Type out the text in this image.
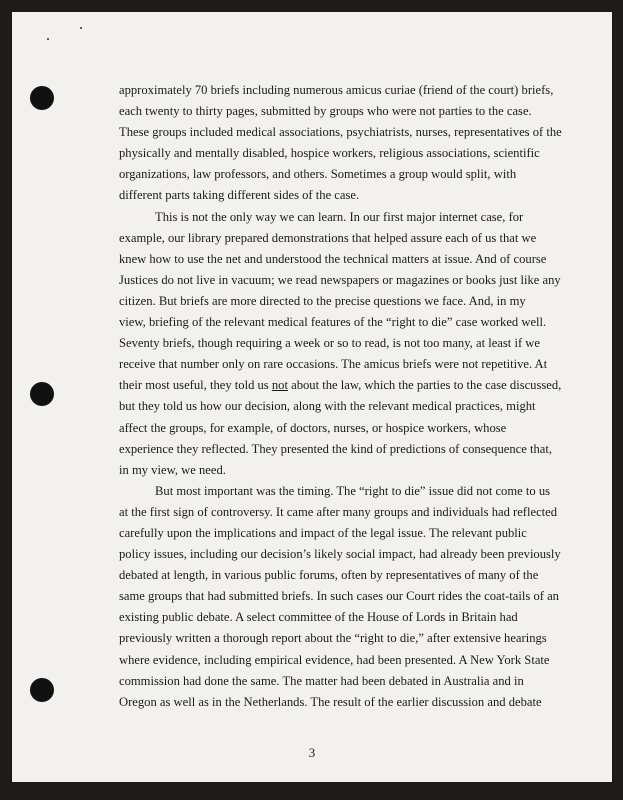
approximately 70 briefs including numerous amicus curiae (friend of the court) briefs,
each twenty to thirty pages, submitted by groups who were not parties to the case.
These groups included medical associations, psychiatrists, nurses, representatives of the
physically and mentally disabled, hospice workers, religious associations, scientific
organizations, law professors, and others. Sometimes a group would split, with
different parts taking different sides of the case.
This is not the only way we can learn. In our first major internet case, for
example, our library prepared demonstrations that helped assure each of us that we
knew how to use the net and understood the technical matters at issue. And of course
Justices do not live in vacuum; we read newspapers or magazines or books just like any
citizen. But briefs are more directed to the precise questions we face. And, in my
view, briefing of the relevant medical features of the “right to die” case worked well.
Seventy briefs, though requiring a week or so to read, is not too many, at least if we
receive that number only on rare occasions. The amicus briefs were not repetitive. At
their most useful, they told us not about the law, which the parties to the case discussed,
but they told us how our decision, along with the relevant medical practices, might
affect the groups, for example, of doctors, nurses, or hospice workers, whose
experience they reflected. They presented the kind of predictions of consequence that,
in my view, we need.
But most important was the timing. The “right to die” issue did not come to us
at the first sign of controversy. It came after many groups and individuals had reflected
carefully upon the implications and impact of the legal issue. The relevant public
policy issues, including our decision’s likely social impact, had already been previously
debated at length, in various public forums, often by representatives of many of the
same groups that had submitted briefs. In such cases our Court rides the coat-tails of an
existing public debate. A select committee of the House of Lords in Britain had
previously written a thorough report about the “right to die,” after extensive hearings
where evidence, including empirical evidence, had been presented. A New York State
commission had done the same. The matter had been debated in Australia and in
Oregon as well as in the Netherlands. The result of the earlier discussion and debate
3
